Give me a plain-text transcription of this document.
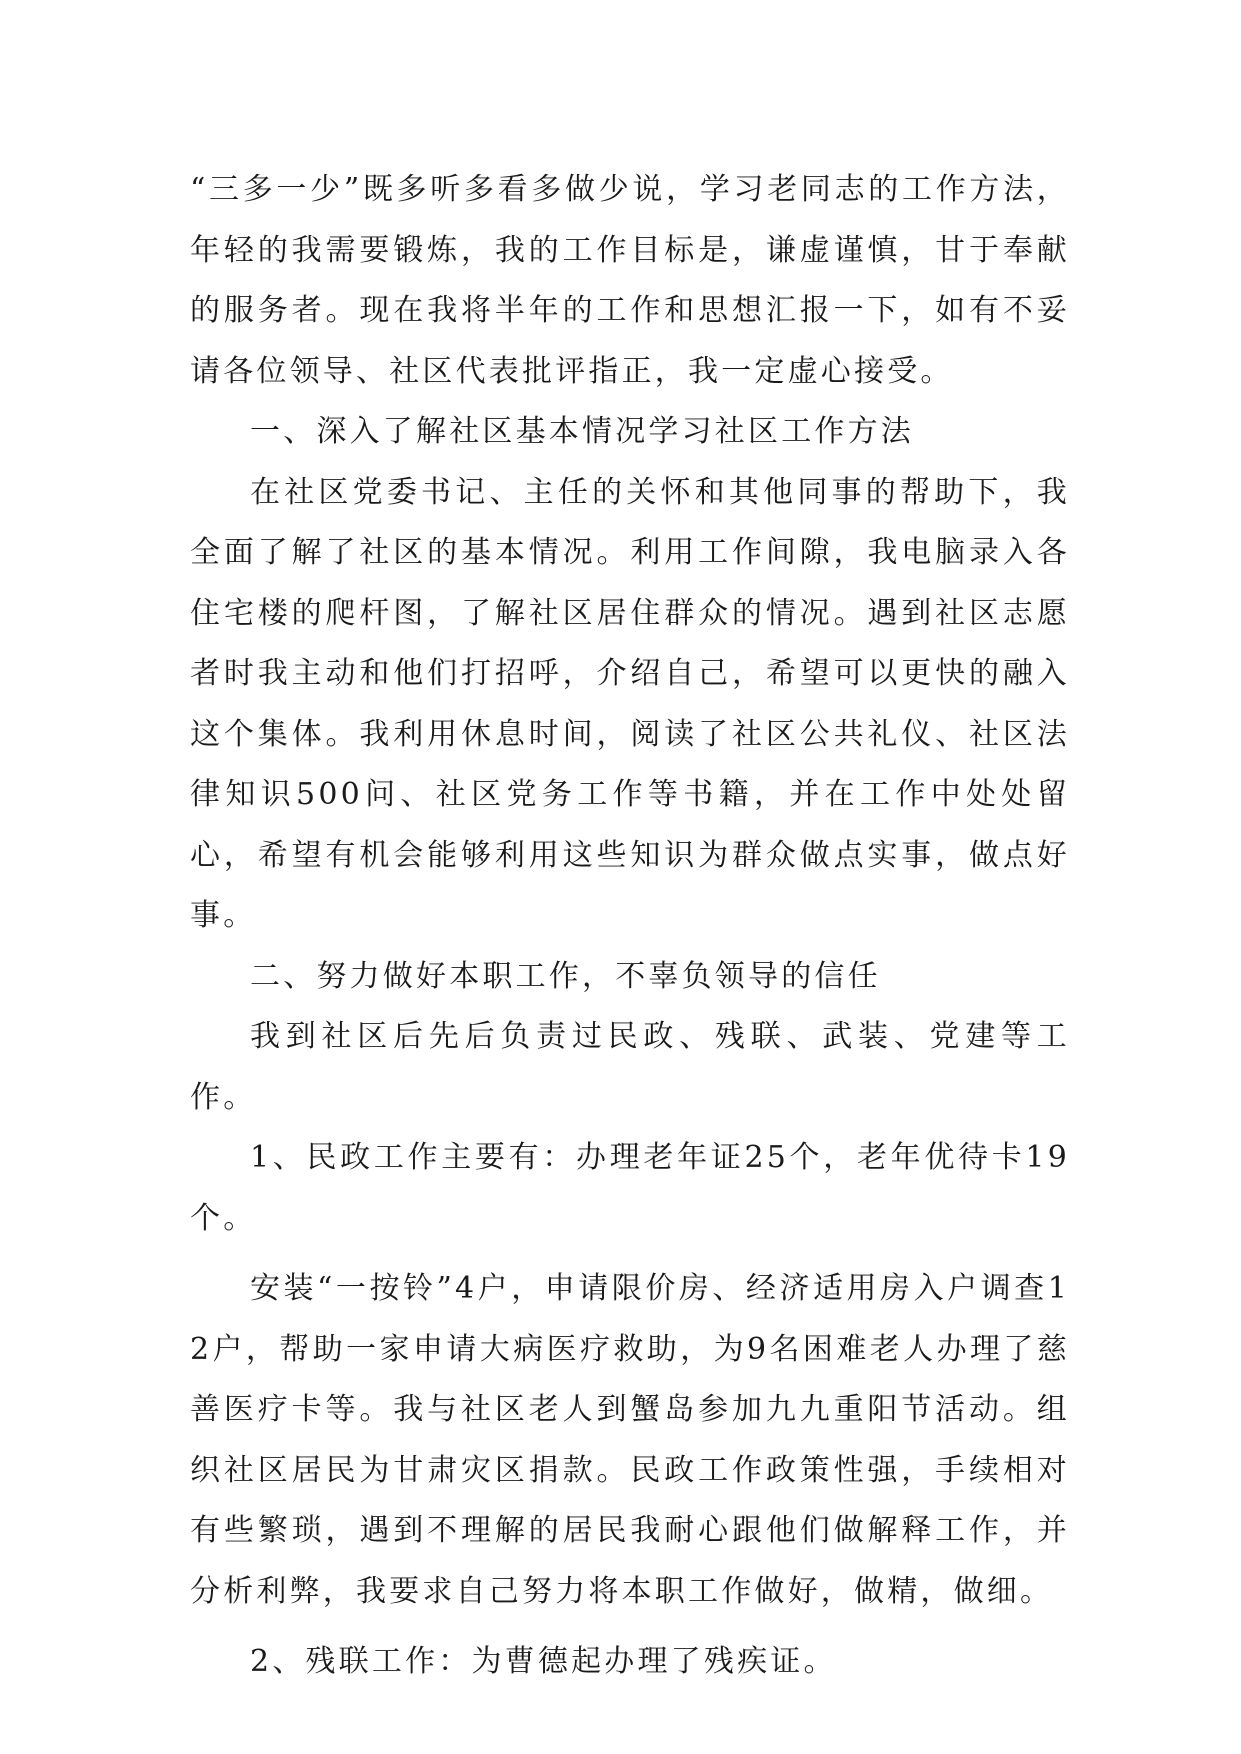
“三多一少”既多听多看多做少说，学习老同志的工作方法，年轻的我需要锻炼，我的工作目标是，谦虚谨慎，甘于奉献的服务者。现在我将半年的工作和思想汇报一下，如有不妥请各位领导、社区代表批评指正，我一定虚心接受。

一、深入了解社区基本情况学习社区工作方法

在社区党委书记、主任的关怀和其他同事的帮助下，我全面了解了社区的基本情况。利用工作间隙，我电脑录入各住宅楼的爬杆图，了解社区居住群众的情况。遇到社区志愿者时我主动和他们打招呼，介绍自己，希望可以更快的融入这个集体。我利用休息时间，阅读了社区公共礼仪、社区法律知识500问、社区党务工作等书籍，并在工作中处处留心，希望有机会能够利用这些知识为群众做点实事，做点好事。

二、努力做好本职工作，不辜负领导的信任

我到社区后先后负责过民政、残联、武装、党建等工作。

1、民政工作主要有：办理老年证25个，老年优待卡19个。

安装“一按铃”4户，申请限价房、经济适用房入户调查12户，帮助一家申请大病医疗救助，为9名困难老人办理了慈善医疗卡等。我与社区老人到蟹岛参加九九重阳节活动。组织社区居民为甘肃灾区捐款。民政工作政策性强，手续相对有些繁琐，遇到不理解的居民我耐心跟他们做解释工作，并分析利弊，我要求自己努力将本职工作做好，做精，做细。

2、残联工作：为曹德起办理了残疾证。
